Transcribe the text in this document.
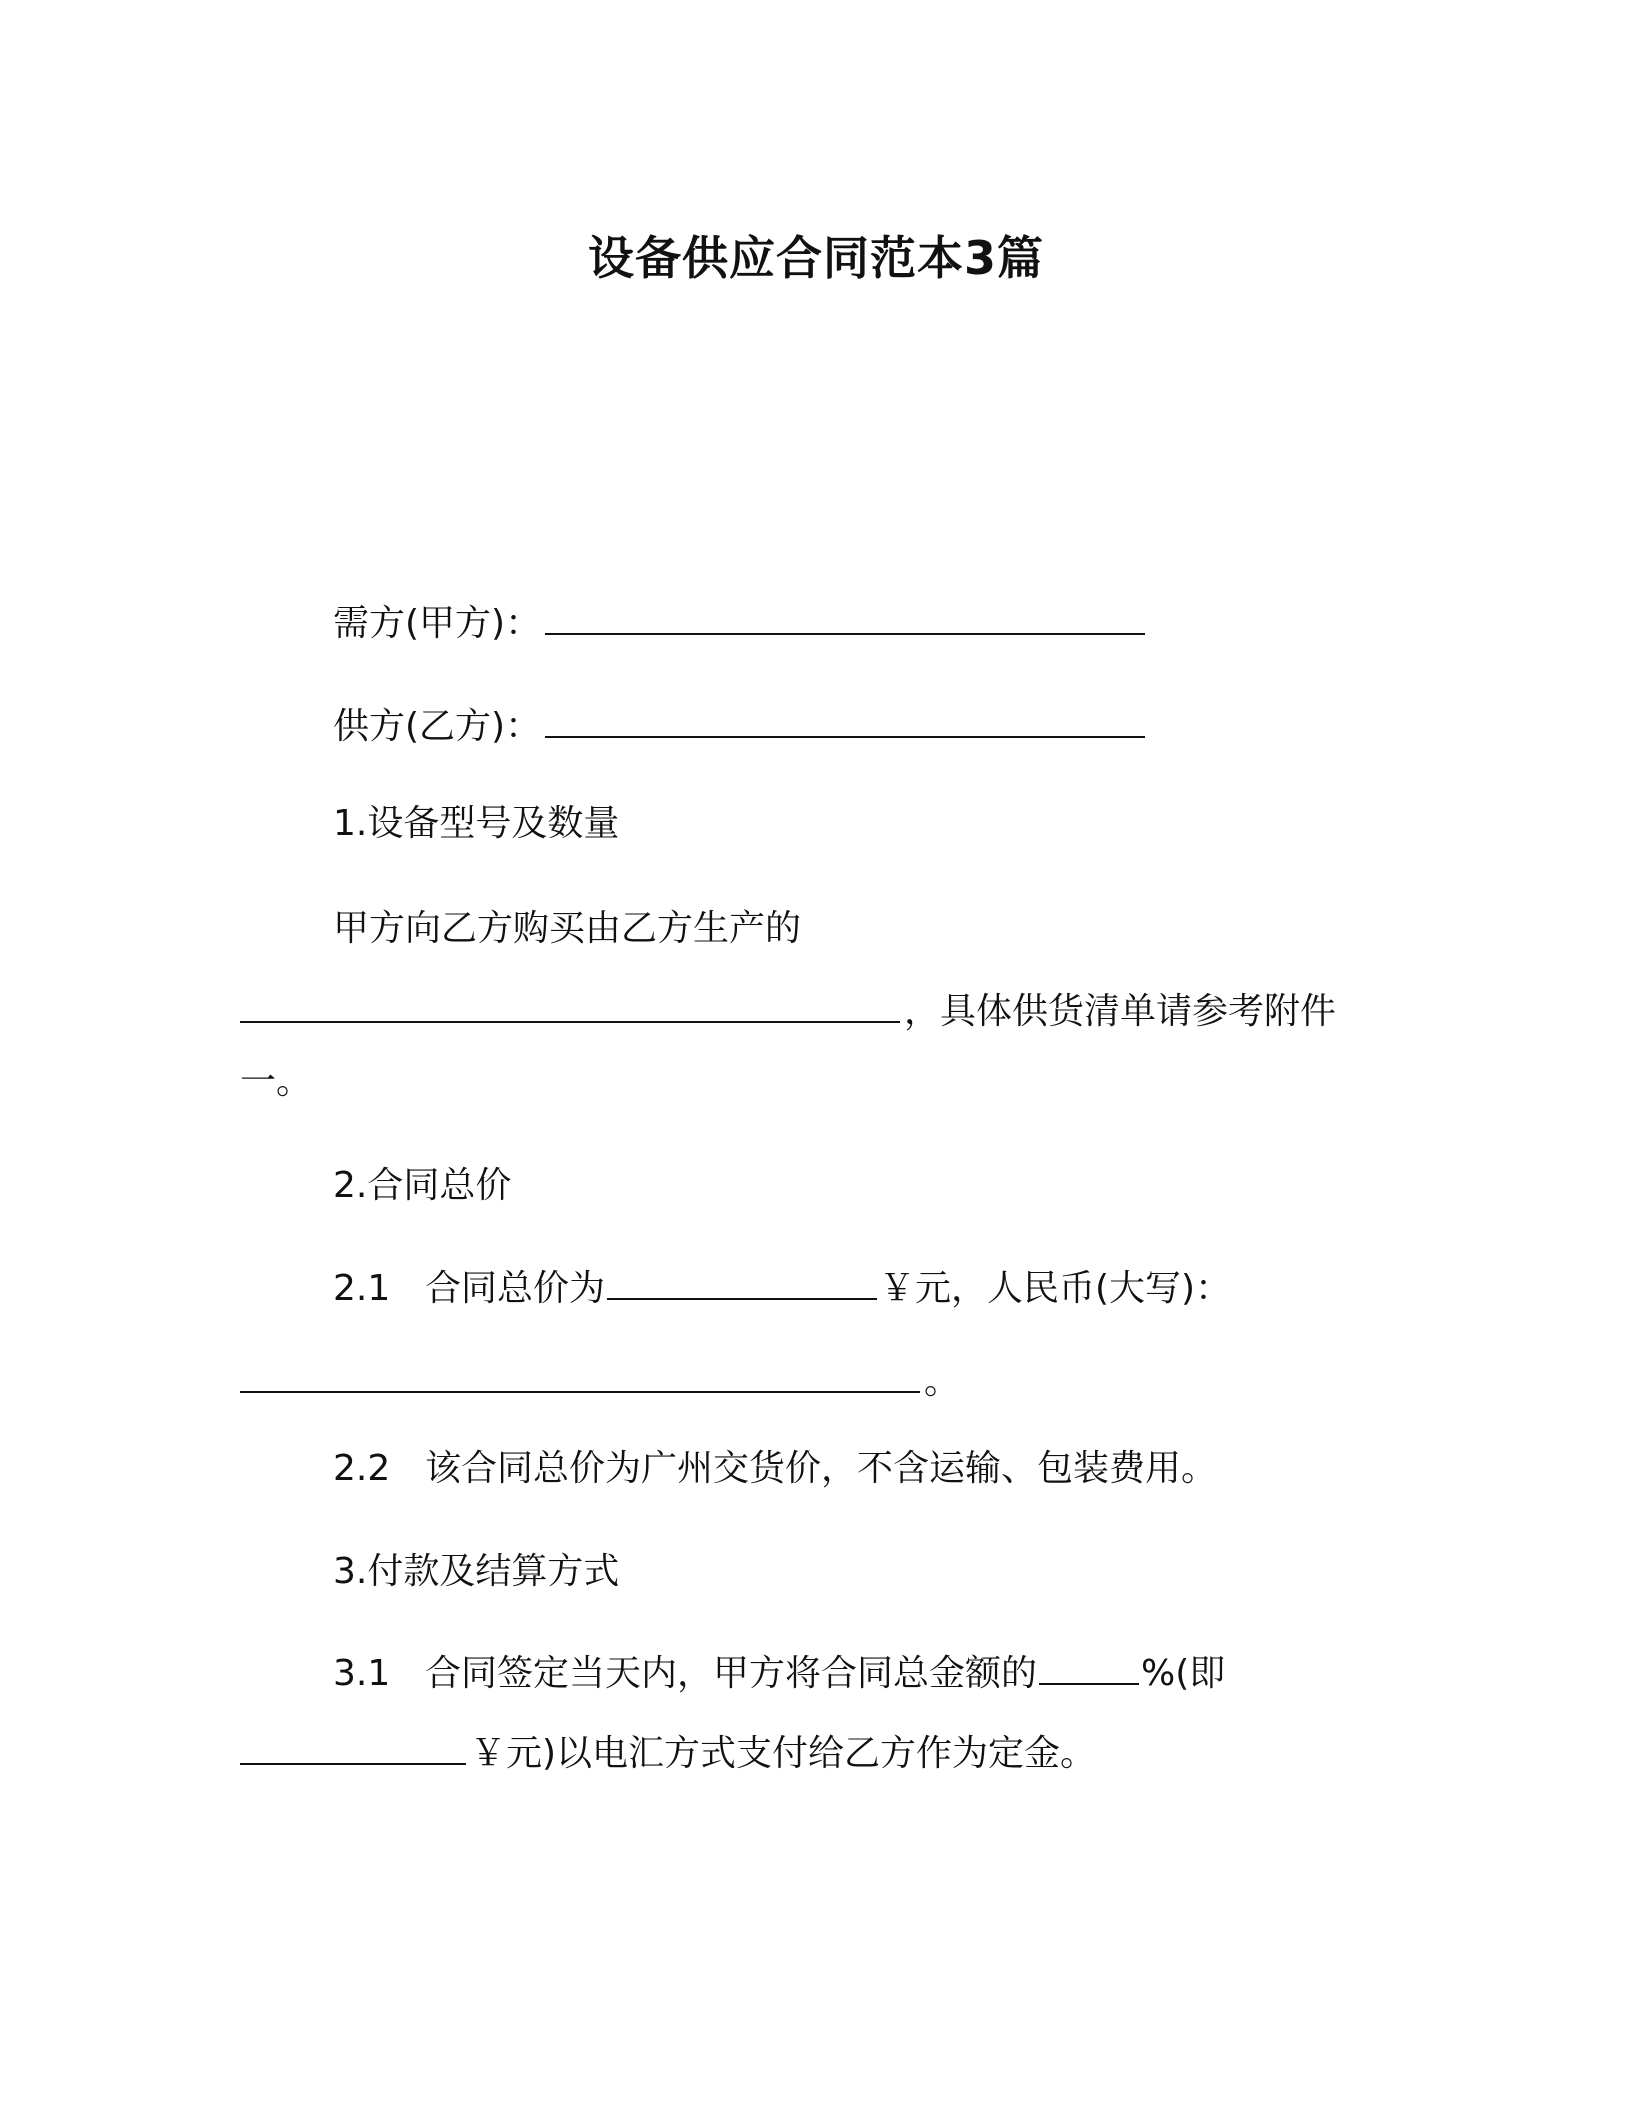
设备供应合同范本3篇
需方(甲方)：
供方(乙方)：
1.设备型号及数量
甲方向乙方购买由乙方生产的
，具体供货清单请参考附件
一。
2.合同总价
2.1 合同总价为	￥元，人民币(大写)：
。
2.2 该合同总价为广州交货价，不含运输、包装费用。
3.付款及结算方式
3.1 合同签定当天内，甲方将合同总金额的	%(即
￥元)以电汇方式支付给乙方作为定金。
